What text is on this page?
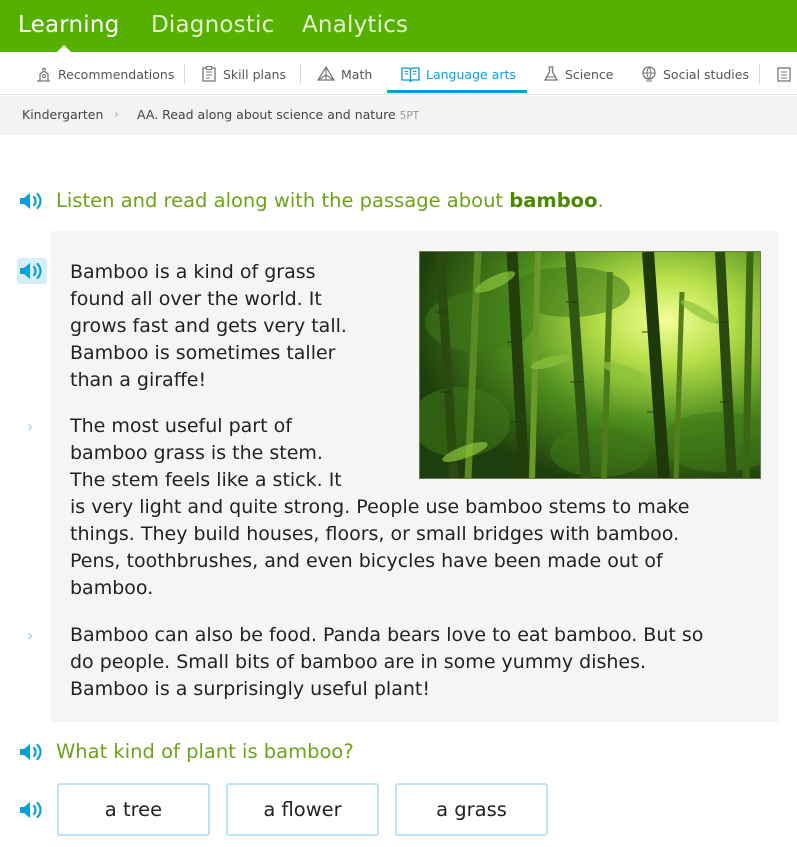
Learning Diagnostic Analytics
Recommendations	Skill plans	Math	Language arts	Science	Social studies
Kindergarten › AA. Read along about science and nature 5PT
Listen and read along with the passage about bamboo.
›
›
Bamboo is a kind of grass
found all over the world. It
grows fast and gets very tall.
Bamboo is sometimes taller
than a giraffe!
The most useful part of
bamboo grass is the stem.
The stem feels like a stick. It
is very light and quite strong. People use bamboo stems to make
things. They build houses, floors, or small bridges with bamboo.
Pens, toothbrushes, and even bicycles have been made out of
bamboo.
Bamboo can also be food. Panda bears love to eat bamboo. But so
do people. Small bits of bamboo are in some yummy dishes.
Bamboo is a surprisingly useful plant!
What kind of plant is bamboo?
a tree	a flower	a grass
